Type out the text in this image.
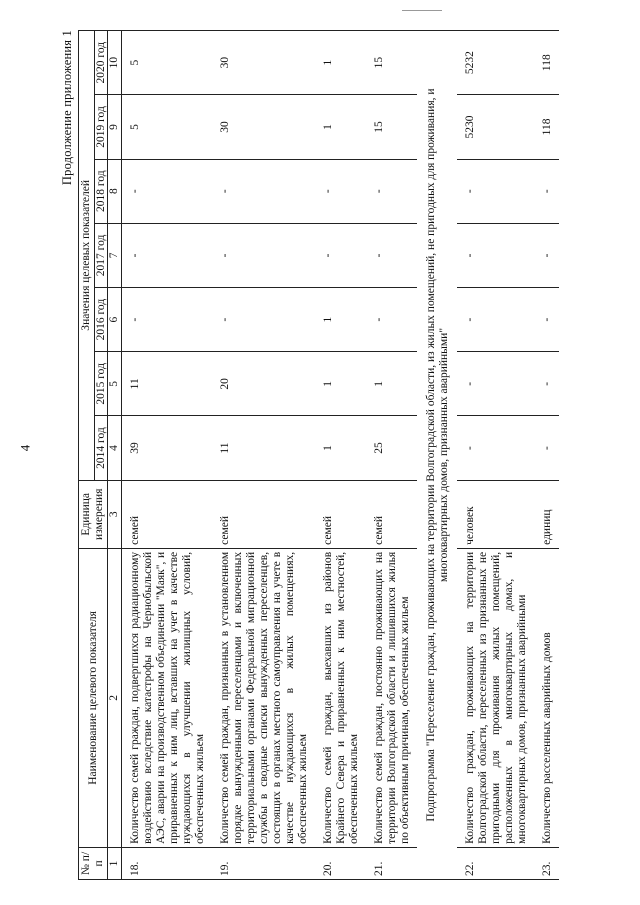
4
Продолжение приложения 1
№ п/п	Наименование целевого показателя	Единица измерения	Значения целевых показателей						
			2014 год	2015 год	2016 год	2017 год	2018 год	2019 год	2020 год
1	2	3	4	5	6	7	8	9	10
18.	Количество семей граждан, подвергшихся радиационному воздействию вследствие катастрофы на Чернобыльской АЭС, аварии на производственном объединении "Маяк", и приравненных к ним лиц, вставших на учет в качестве нуждающихся в улучшении жилищных условий, обеспеченных жильем	семей	39	11	-	-	-	5	5
19.	Количество семей граждан, признанных в установленном порядке вынужденными переселенцами и включенных территориальными органами Федеральной миграционной службы в сводные списки вынужденных переселенцев, состоящих в органах местного самоуправления на учете в качестве нуждающихся в жилых помещениях, обеспеченных жильем	семей	11	20	-	-	-	30	30
20.	Количество семей граждан, выехавших из районов Крайнего Севера и приравненных к ним местностей, обеспеченных жильем	семей	1	1	1	-	-	1	1
21.	Количество семей граждан, постоянно проживающих на территории Волгоградской области и лишившихся жилья по объективным причинам, обеспеченных жильем	семей	25	1	-	-	-	15	15
Подпрограмма "Переселение граждан, проживающих на территории Волгоградской области, из жилых помещений, не пригодных для проживания, и многоквартирных домов, признанных аварийными"									
22.	Количество граждан, проживающих на территории Волгоградской области, переселенных из признанных не пригодными для проживания жилых помещений, расположенных в многоквартирных домах, и многоквартирных домов, признанных аварийными	человек	-	-	-	-	-	5230	5232
23.	Количество расселенных аварийных домов	единиц	-	-	-	-	-	118	118
